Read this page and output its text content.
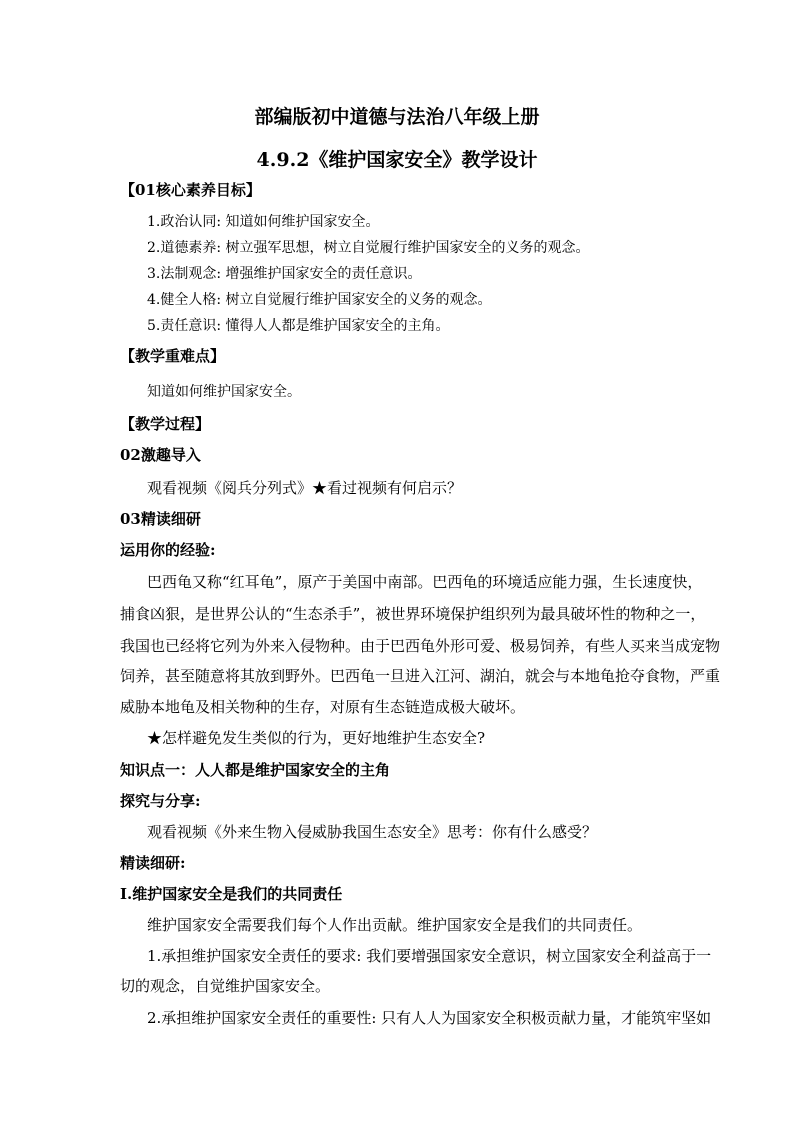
部编版初中道德与法治八年级上册
4.9.2《维护国家安全》教学设计
【01核心素养目标】
1.政治认同: 知道如何维护国家安全。
2.道德素养: 树立强军思想，树立自觉履行维护国家安全的义务的观念。
3.法制观念: 增强维护国家安全的责任意识。
4.健全人格: 树立自觉履行维护国家安全的义务的观念。
5.责任意识: 懂得人人都是维护国家安全的主角。
【教学重难点】
知道如何维护国家安全。
【教学过程】
02激趣导入
观看视频《阅兵分列式》★看过视频有何启示？
03精读细研
运用你的经验:
巴西龟又称“红耳龟”，原产于美国中南部。巴西龟的环境适应能力强，生长速度快，
捕食凶狠，是世界公认的“生态杀手”，被世界环境保护组织列为最具破坏性的物种之一，
我国也已经将它列为外来入侵物种。由于巴西龟外形可爱、极易饲养，有些人买来当成宠物
饲养，甚至随意将其放到野外。巴西龟一旦进入江河、湖泊，就会与本地龟抢夺食物，严重
威胁本地龟及相关物种的生存，对原有生态链造成极大破坏。
★怎样避免发生类似的行为，更好地维护生态安全?
知识点一：人人都是维护国家安全的主角
探究与分享:
观看视频《外来生物入侵威胁我国生态安全》思考：你有什么感受？
精读细研:
Ⅰ.维护国家安全是我们的共同责任
维护国家安全需要我们每个人作出贡献。维护国家安全是我们的共同责任。
1.承担维护国家安全责任的要求: 我们要增强国家安全意识，树立国家安全利益高于一
切的观念，自觉维护国家安全。
2.承担维护国家安全责任的重要性: 只有人人为国家安全积极贡献力量，才能筑牢坚如
